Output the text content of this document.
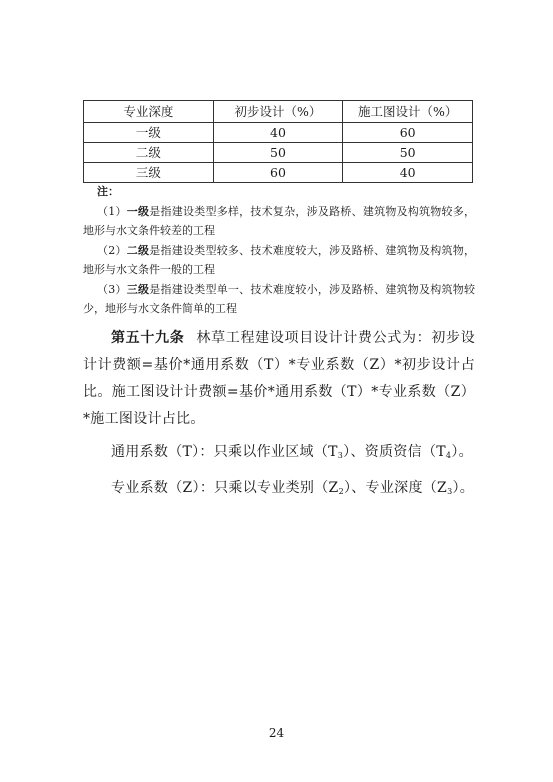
专业深度	初步设计（%）	施工图设计（%）
一级	40	60
二级	50	50
三级	60	40
注：
（1）一级是指建设类型多样，技术复杂，涉及路桥、建筑物及构筑物较多，地形与水文条件较差的工程
（2）二级是指建设类型较多、技术难度较大，涉及路桥、建筑物及构筑物，地形与水文条件一般的工程
（3）三级是指建设类型单一、技术难度较小，涉及路桥、建筑物及构筑物较少，地形与水文条件简单的工程

第五十九条 林草工程建设项目设计计费公式为：初步设计计费额=基价*通用系数（T）*专业系数（Z）*初步设计占比。施工图设计计费额=基价*通用系数（T）*专业系数（Z）*施工图设计占比。

通用系数（T）：只乘以作业区域$(T_3)$、资质资信$(T_4)$。

专业系数（Z）：只乘以专业类别$(Z_2)$、专业深度$(Z_3)$。

24
